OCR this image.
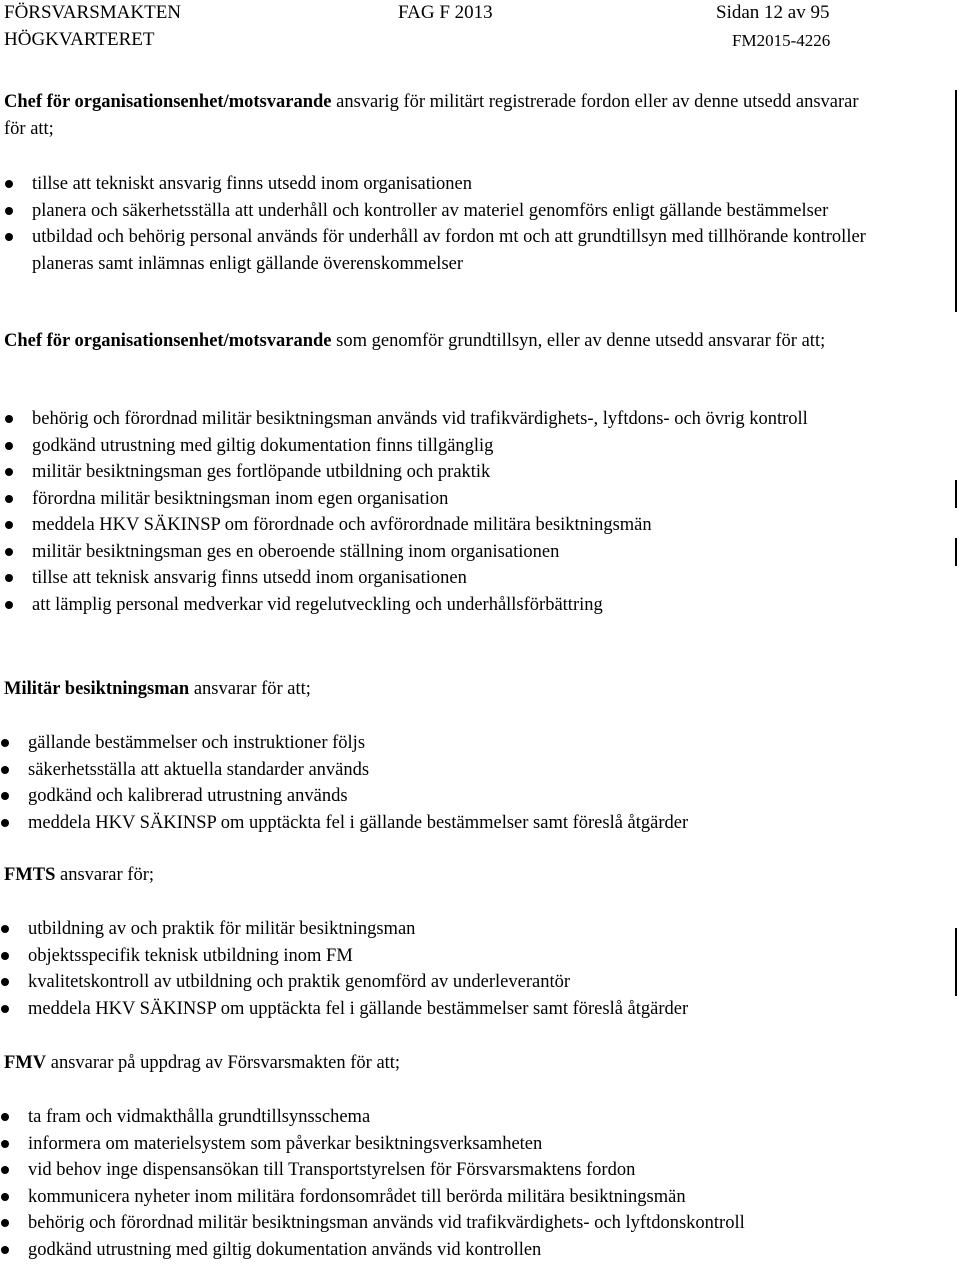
FÖRSVARSMAKTEN	FAG F 2013	Sidan 12 av 95
HÖGKVARTERET	FM2015-4226

Chef för organisationsenhet/motsvarande ansvarig för militärt registrerade fordon eller av denne utsedd ansvarar för att;

tillse att tekniskt ansvarig finns utsedd inom organisationen
planera och säkerhetsställa att underhåll och kontroller av materiel genomförs enligt gällande bestämmelser
utbildad och behörig personal används för underhåll av fordon mt och att grundtillsyn med tillhörande kontroller planeras samt inlämnas enligt gällande överenskommelser

Chef för organisationsenhet/motsvarande som genomför grundtillsyn, eller av denne utsedd ansvarar för att;

behörig och förordnad militär besiktningsman används vid trafikvärdighets-, lyftdons- och övrig kontroll
godkänd utrustning med giltig dokumentation finns tillgänglig
militär besiktningsman ges fortlöpande utbildning och praktik
förordna militär besiktningsman inom egen organisation
meddela HKV SÄKINSP om förordnade och avförordnade militära besiktningsmän
militär besiktningsman ges en oberoende ställning inom organisationen
tillse att teknisk ansvarig finns utsedd inom organisationen
att lämplig personal medverkar vid regelutveckling och underhållsförbättring

Militär besiktningsman ansvarar för att;

gällande bestämmelser och instruktioner följs
säkerhetsställa att aktuella standarder används
godkänd och kalibrerad utrustning används
meddela HKV SÄKINSP om upptäckta fel i gällande bestämmelser samt föreslå åtgärder

FMTS ansvarar för;

utbildning av och praktik för militär besiktningsman
objektsspecifik teknisk utbildning inom FM
kvalitetskontroll av utbildning och praktik genomförd av underleverantör
meddela HKV SÄKINSP om upptäckta fel i gällande bestämmelser samt föreslå åtgärder

FMV ansvarar på uppdrag av Försvarsmakten för att;

ta fram och vidmakthålla grundtillsynsschema
informera om materielsystem som påverkar besiktningsverksamheten
vid behov inge dispensansökan till Transportstyrelsen för Försvarsmaktens fordon
kommunicera nyheter inom militära fordonsområdet till berörda militära besiktningsmän
behörig och förordnad militär besiktningsman används vid trafikvärdighets- och lyftdonskontroll
godkänd utrustning med giltig dokumentation används vid kontrollen
